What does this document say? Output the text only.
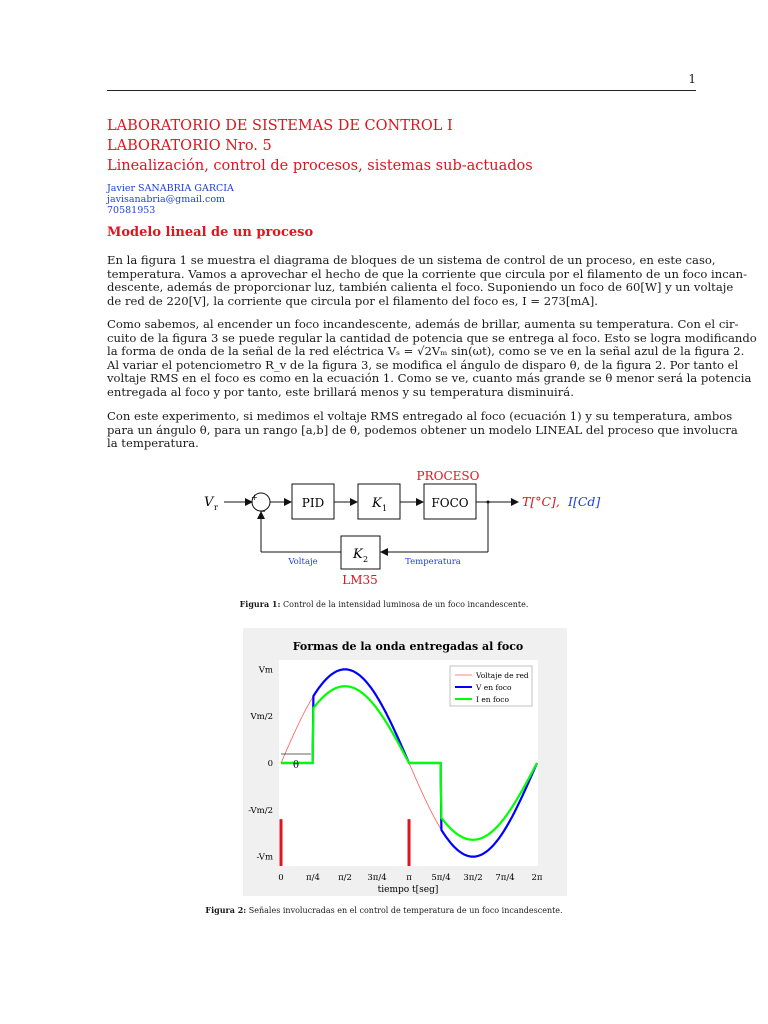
1
LABORATORIO DE SISTEMAS DE CONTROL I
LABORATORIO Nro. 5
Linealización, control de procesos, sistemas sub-actuados
Javier SANABRIA GARCIA
javisanabria@gmail.com
70581953
Modelo lineal de un proceso
En la figura 1 se muestra el diagrama de bloques de un sistema de control de un proceso, en este caso,
temperatura. Vamos a aprovechar el hecho de que la corriente que circula por el filamento de un foco incan-
descente, además de proporcionar luz, también calienta el foco. Suponiendo un foco de 60[W] y un voltaje
de red de 220[V], la corriente que circula por el filamento del foco es, I = 273[mA].
Como sabemos, al encender un foco incandescente, además de brillar, aumenta su temperatura. Con el cir-
cuito de la figura 3 se puede regular la cantidad de potencia que se entrega al foco. Esto se logra modificando
la forma de onda de la señal de la red eléctrica Vₛ = √2Vₘ sin(ωt), como se ve en la señal azul de la figura 2.
Al variar el potenciometro R_v de la figura 3, se modifica el ángulo de disparo θ, de la figura 2. Por tanto el
voltaje RMS en el foco es como en la ecuación 1. Como se ve, cuanto más grande se θ menor será la potencia
entregada al foco y por tanto, este brillará menos y su temperatura disminuirá.
Con este experimento, si medimos el voltaje RMS entregado al foco (ecuación 1) y su temperatura, ambos
para un ángulo θ, para un rango [a,b] de θ, podemos obtener un modelo LINEAL del proceso que involucra
la temperatura.
V r
+
−
PID	K 1
PROCESO
FOCO	T[°C], I[Cd]
K 2
LM35
Voltaje	Temperatura
Figura 1: Control de la intensidad luminosa de un foco incandescente.
Formas de la onda entregadas al foco
0	π/4 π/2 3π/4 π 5π/4 3π/2 7π/4 2π
Vm
Vm/2
0
-Vm/2
-Vm
θ
tiempo t[seg]
Voltaje de red
V en foco
I en foco
Figura 2: Señales involucradas en el control de temperatura de un foco incandescente.
